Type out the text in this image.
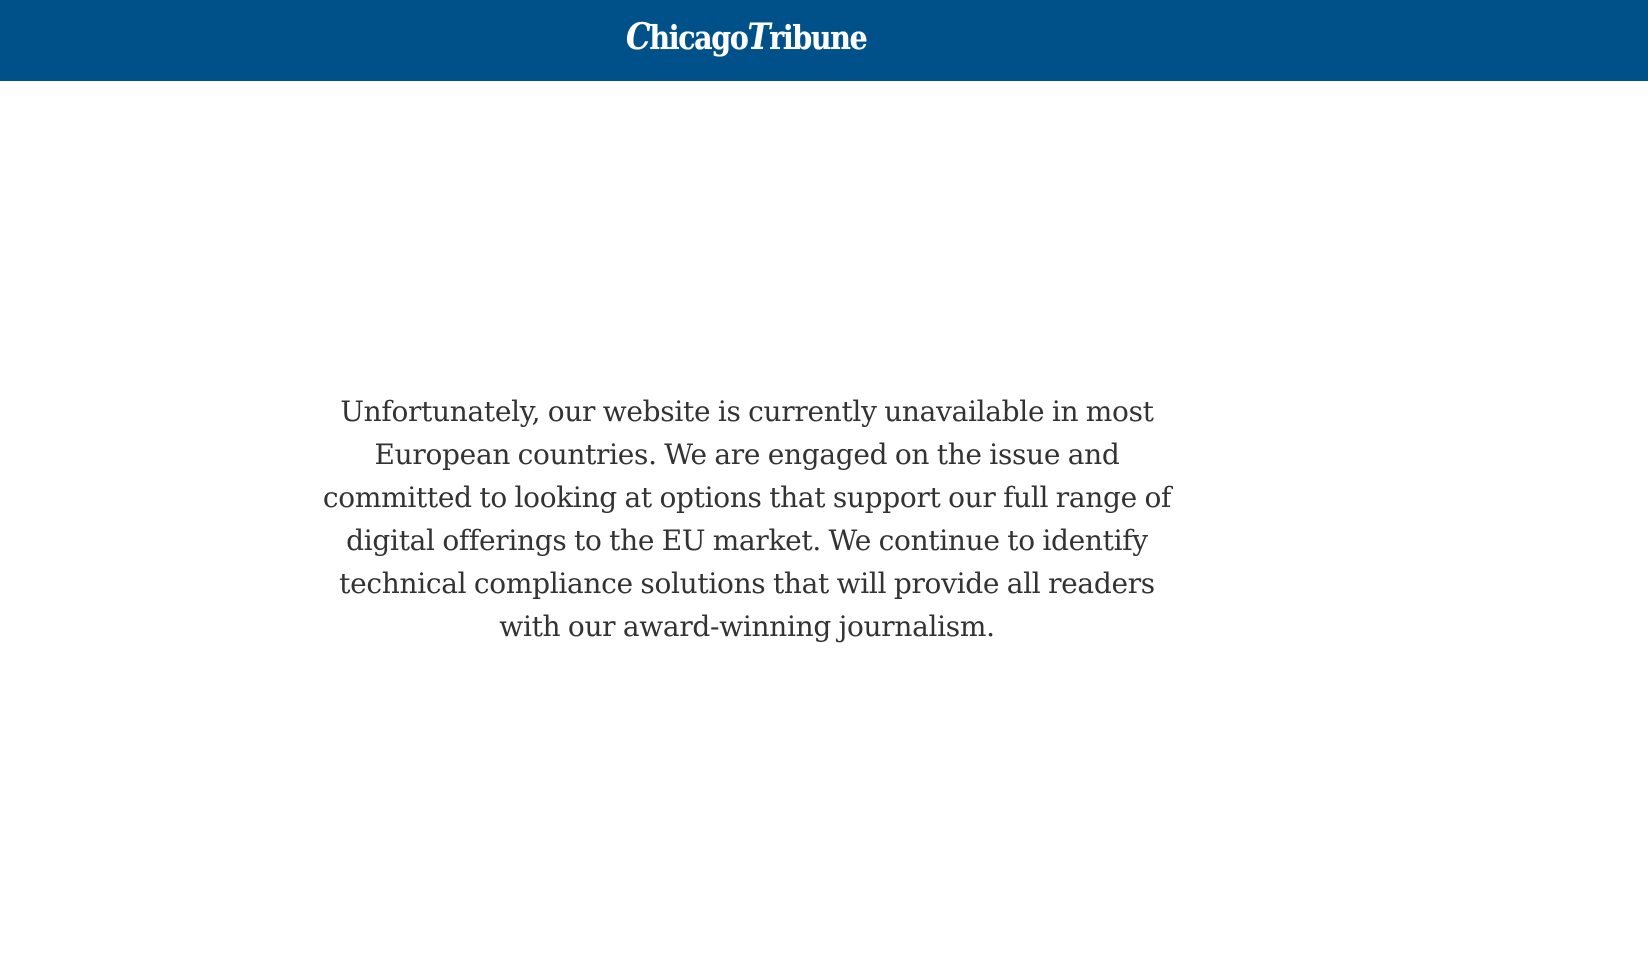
ChicagoTribune

Unfortunately, our website is currently unavailable in most
European countries. We are engaged on the issue and
committed to looking at options that support our full range of
digital offerings to the EU market. We continue to identify
technical compliance solutions that will provide all readers
with our award-winning journalism.
